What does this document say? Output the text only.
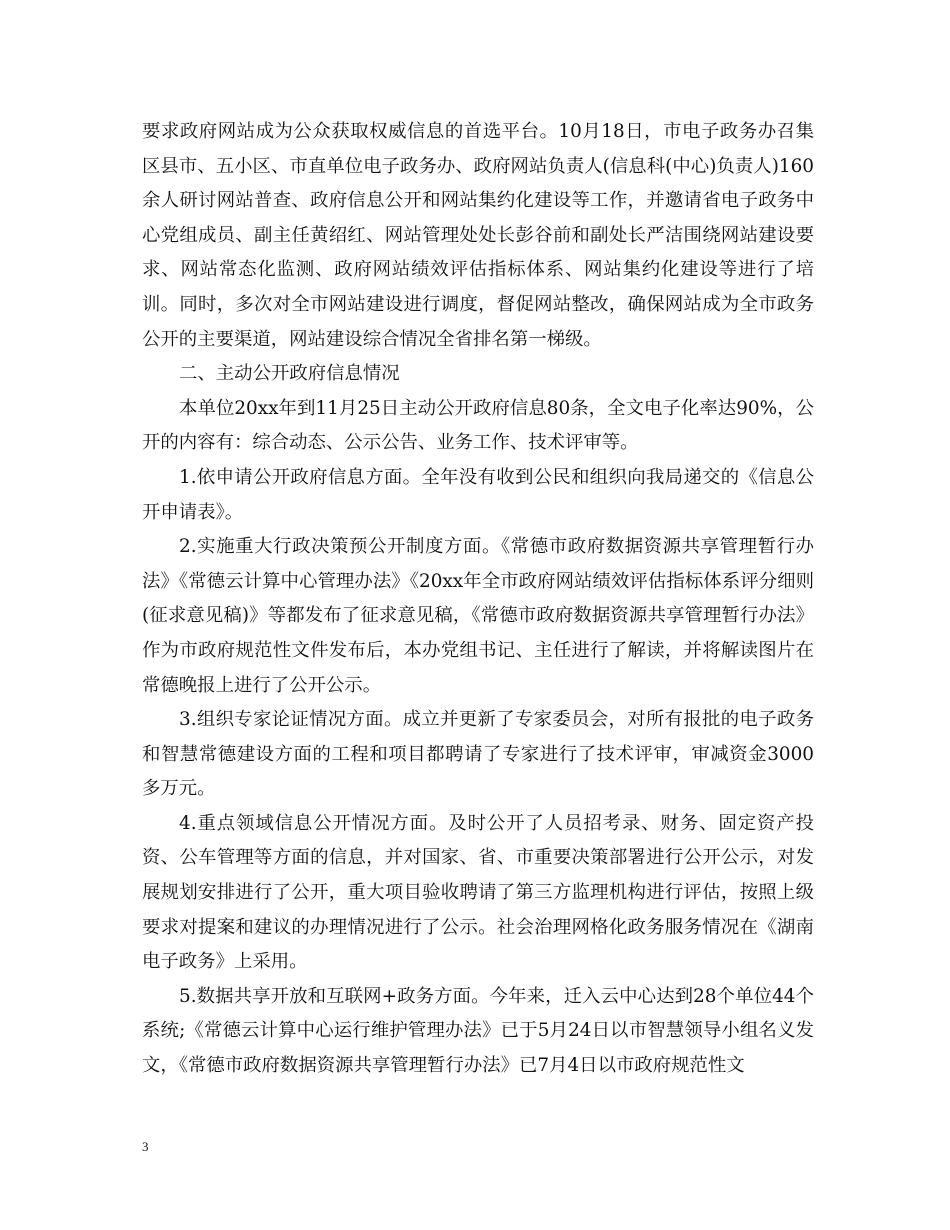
要求政府网站成为公众获取权威信息的首选平台。10月18日，市电子政务办召集区县市、五小区、市直单位电子政务办、政府网站负责人(信息科(中心)负责人)160余人研讨网站普查、政府信息公开和网站集约化建设等工作，并邀请省电子政务中心党组成员、副主任黄绍红、网站管理处处长彭谷前和副处长严洁围绕网站建设要求、网站常态化监测、政府网站绩效评估指标体系、网站集约化建设等进行了培训。同时，多次对全市网站建设进行调度，督促网站整改，确保网站成为全市政务公开的主要渠道，网站建设综合情况全省排名第一梯级。

二、主动公开政府信息情况

本单位20xx年到11月25日主动公开政府信息80条，全文电子化率达90%，公开的内容有：综合动态、公示公告、业务工作、技术评审等。

1.依申请公开政府信息方面。全年没有收到公民和组织向我局递交的《信息公开申请表》。

2.实施重大行政决策预公开制度方面。《常德市政府数据资源共享管理暂行办法》《常德云计算中心管理办法》《20xx年全市政府网站绩效评估指标体系评分细则(征求意见稿)》等都发布了征求意见稿，《常德市政府数据资源共享管理暂行办法》作为市政府规范性文件发布后，本办党组书记、主任进行了解读，并将解读图片在常德晚报上进行了公开公示。

3.组织专家论证情况方面。成立并更新了专家委员会，对所有报批的电子政务和智慧常德建设方面的工程和项目都聘请了专家进行了技术评审，审减资金3000多万元。

4.重点领域信息公开情况方面。及时公开了人员招考录、财务、固定资产投资、公车管理等方面的信息，并对国家、省、市重要决策部署进行公开公示，对发展规划安排进行了公开，重大项目验收聘请了第三方监理机构进行评估，按照上级要求对提案和建议的办理情况进行了公示。社会治理网格化政务服务情况在《湖南电子政务》上采用。

5.数据共享开放和互联网+政务方面。今年来，迁入云中心达到28个单位44个系统;《常德云计算中心运行维护管理办法》已于5月24日以市智慧领导小组名义发文，《常德市政府数据资源共享管理暂行办法》已7月4日以市政府规范性文

3
